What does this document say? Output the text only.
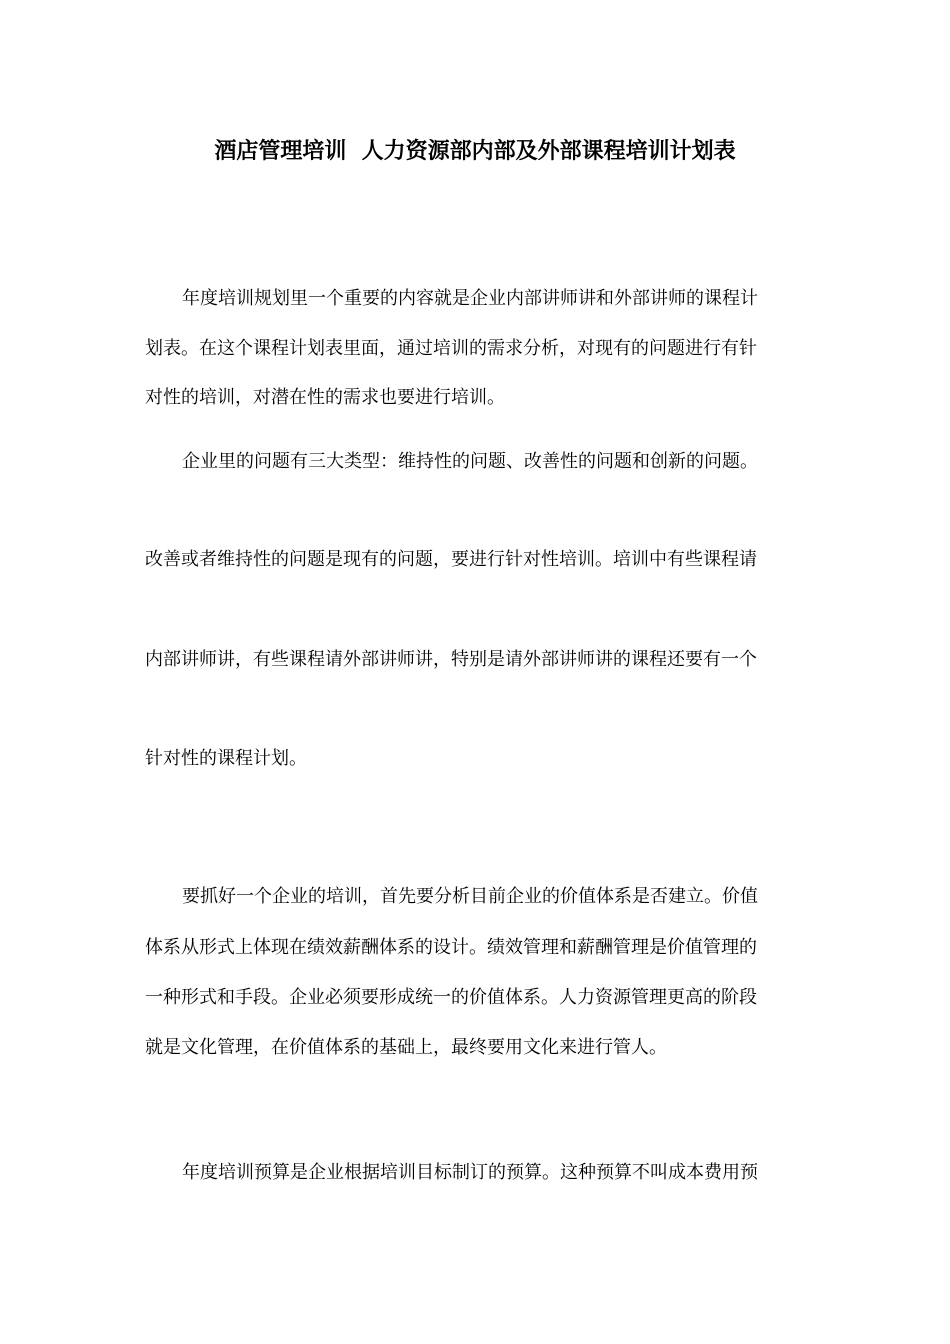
酒店管理培训  人力资源部内部及外部课程培训计划表
年度培训规划里一个重要的内容就是企业内部讲师讲和外部讲师的课程计
划表。在这个课程计划表里面，通过培训的需求分析，对现有的问题进行有针
对性的培训，对潜在性的需求也要进行培训。
企业里的问题有三大类型：维持性的问题、改善性的问题和创新的问题。
改善或者维持性的问题是现有的问题，要进行针对性培训。培训中有些课程请
内部讲师讲，有些课程请外部讲师讲，特别是请外部讲师讲的课程还要有一个
针对性的课程计划。
要抓好一个企业的培训，首先要分析目前企业的价值体系是否建立。价值
体系从形式上体现在绩效薪酬体系的设计。绩效管理和薪酬管理是价值管理的
一种形式和手段。企业必须要形成统一的价值体系。人力资源管理更高的阶段
就是文化管理，在价值体系的基础上，最终要用文化来进行管人。
年度培训预算是企业根据培训目标制订的预算。这种预算不叫成本费用预
